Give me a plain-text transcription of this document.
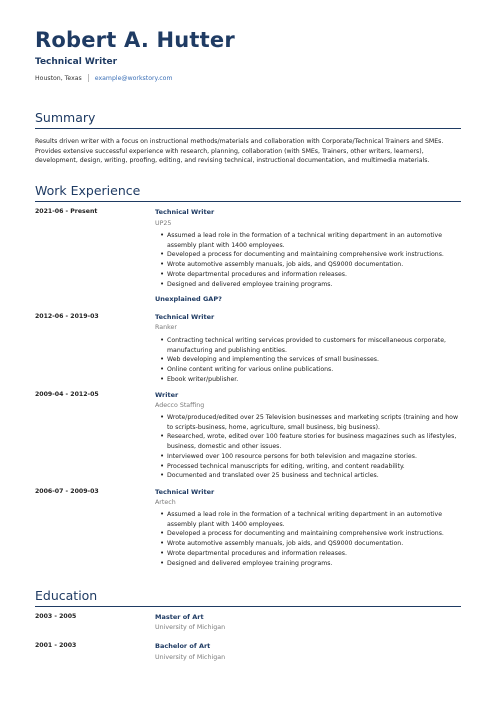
Robert A. Hutter
Technical Writer
Houston, Texas example@workstory.com
Summary
Results driven writer with a focus on instructional methods/materials and collaboration with Corporate/Technical Trainers and SMEs. Provides extensive successful experience with research, planning, collaboration (with SMEs, Trainers, other writers, learners), development, design, writing, proofing, editing, and revising technical, instructional documentation, and multimedia materials.
Work Experience
2021-06 - Present	Technical Writer
UP25
• Assumed a lead role in the formation of a technical writing department in an automotive assembly plant with 1400 employees.
• Developed a process for documenting and maintaining comprehensive work instructions.
• Wrote automotive assembly manuals, job aids, and QS9000 documentation.
• Wrote departmental procedures and information releases.
• Designed and delivered employee training programs.
Unexplained GAP?
2012-06 - 2019-03	Technical Writer
Ranker
• Contracting technical writing services provided to customers for miscellaneous corporate, manufacturing and publishing entities.
• Web developing and implementing the services of small businesses.
• Online content writing for various online publications.
• Ebook writer/publisher.
2009-04 - 2012-05	Writer
Adecco Staffing
• Wrote/produced/edited over 25 Television businesses and marketing scripts (training and how to scripts-business, home, agriculture, small business, big business).
• Researched, wrote, edited over 100 feature stories for business magazines such as lifestyles, business, domestic and other issues.
• Interviewed over 100 resource persons for both television and magazine stories.
• Processed technical manuscripts for editing, writing, and content readability.
• Documented and translated over 25 business and technical articles.
2006-07 - 2009-03	Technical Writer
Artech
• Assumed a lead role in the formation of a technical writing department in an automotive assembly plant with 1400 employees.
• Developed a process for documenting and maintaining comprehensive work instructions.
• Wrote automotive assembly manuals, job aids, and QS9000 documentation.
• Wrote departmental procedures and information releases.
• Designed and delivered employee training programs.
Education
2003 - 2005	Master of Art
University of Michigan
2001 - 2003	Bachelor of Art
University of Michigan
